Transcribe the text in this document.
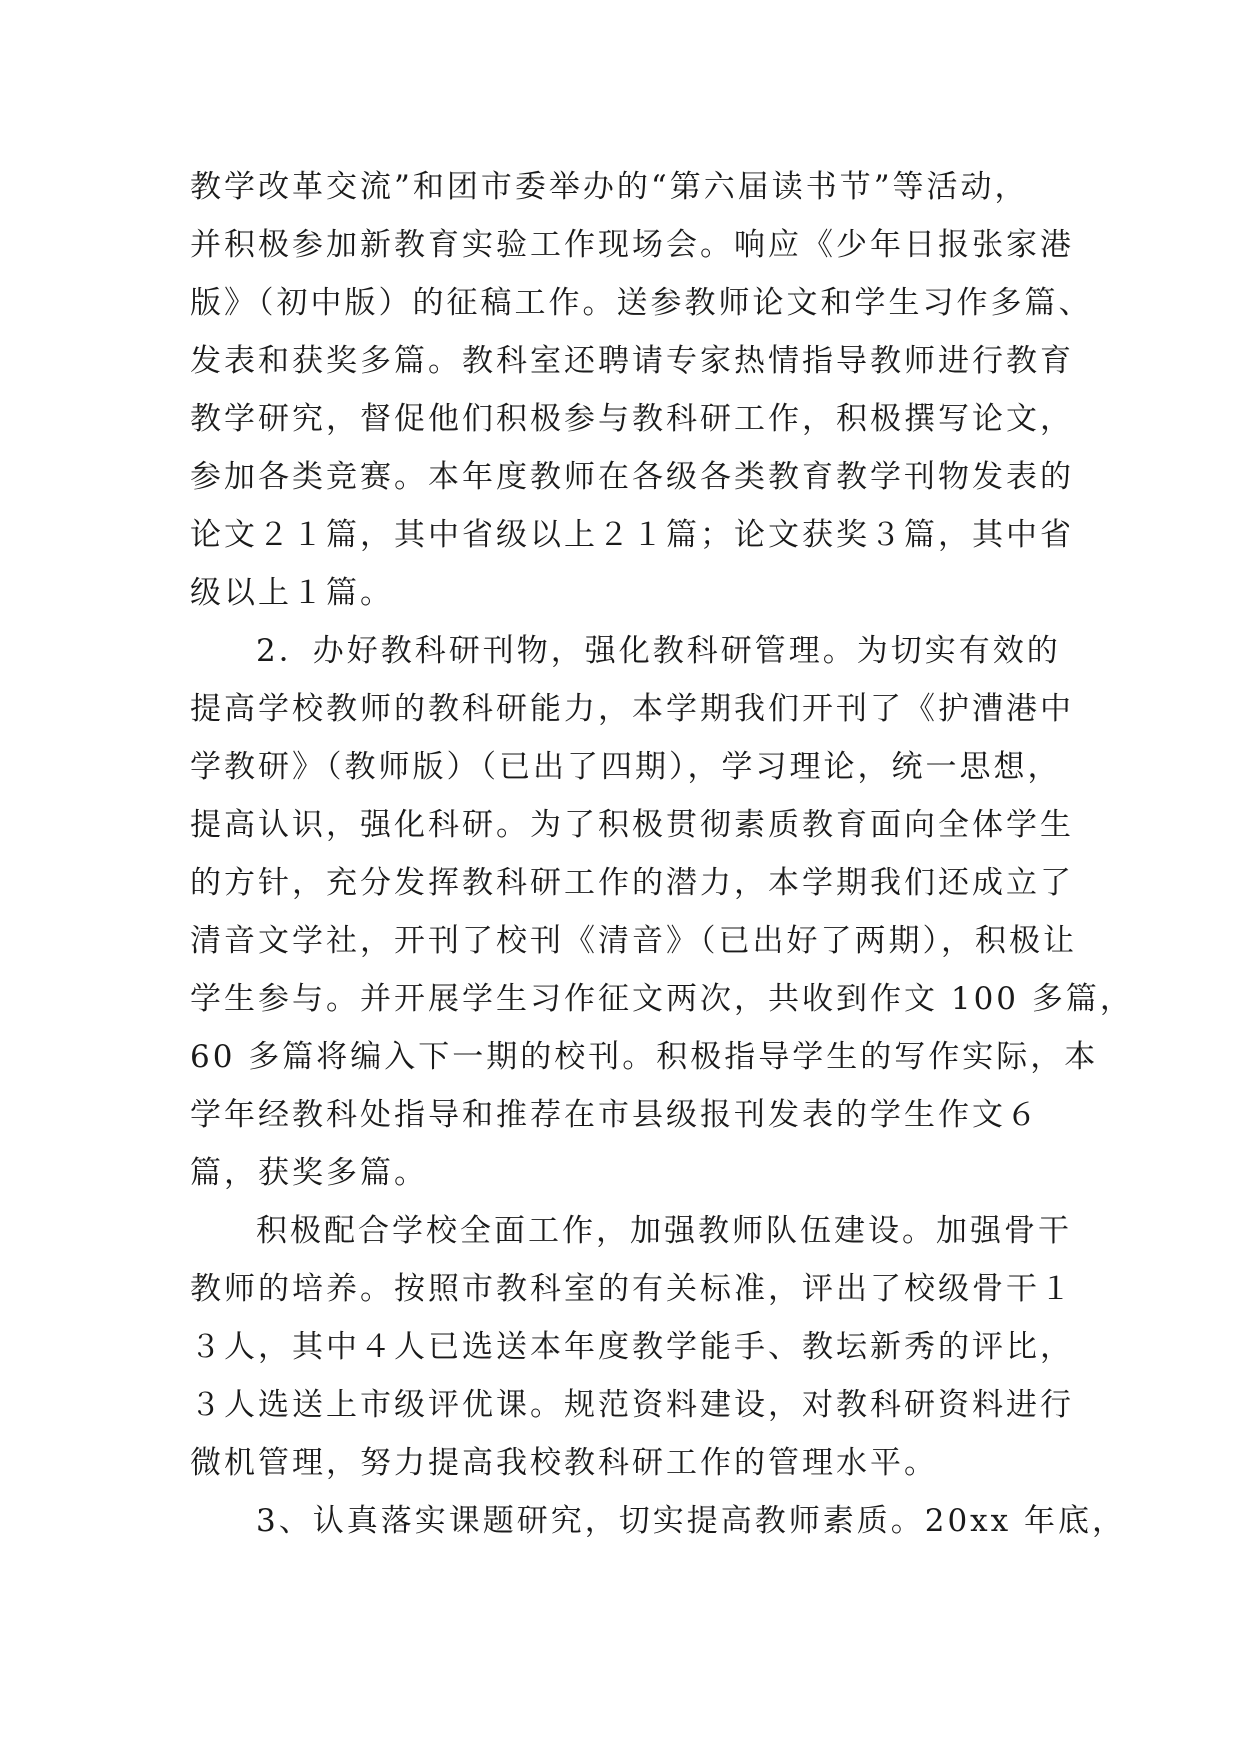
教学改革交流”和团市委举办的“第六届读书节”等活动，
并积极参加新教育实验工作现场会。响应《少年日报张家港
版》（初中版）的征稿工作。送参教师论文和学生习作多篇、
发表和获奖多篇。教科室还聘请专家热情指导教师进行教育
教学研究，督促他们积极参与教科研工作，积极撰写论文，
参加各类竞赛。本年度教师在各级各类教育教学刊物发表的
论文２１篇，其中省级以上２１篇；论文获奖３篇，其中省
级以上１篇。
2．办好教科研刊物，强化教科研管理。为切实有效的
提高学校教师的教科研能力，本学期我们开刊了《护漕港中
学教研》（教师版）（已出了四期），学习理论，统一思想，
提高认识，强化科研。为了积极贯彻素质教育面向全体学生
的方针，充分发挥教科研工作的潜力，本学期我们还成立了
清音文学社，开刊了校刊《清音》（已出好了两期），积极让
学生参与。并开展学生习作征文两次，共收到作文 100 多篇，
60 多篇将编入下一期的校刊。积极指导学生的写作实际，本
学年经教科处指导和推荐在市县级报刊发表的学生作文６
篇，获奖多篇。
积极配合学校全面工作，加强教师队伍建设。加强骨干
教师的培养。按照市教科室的有关标准，评出了校级骨干１
３人，其中４人已选送本年度教学能手、教坛新秀的评比，
３人选送上市级评优课。规范资料建设，对教科研资料进行
微机管理，努力提高我校教科研工作的管理水平。
3、认真落实课题研究，切实提高教师素质。20xx 年底，
